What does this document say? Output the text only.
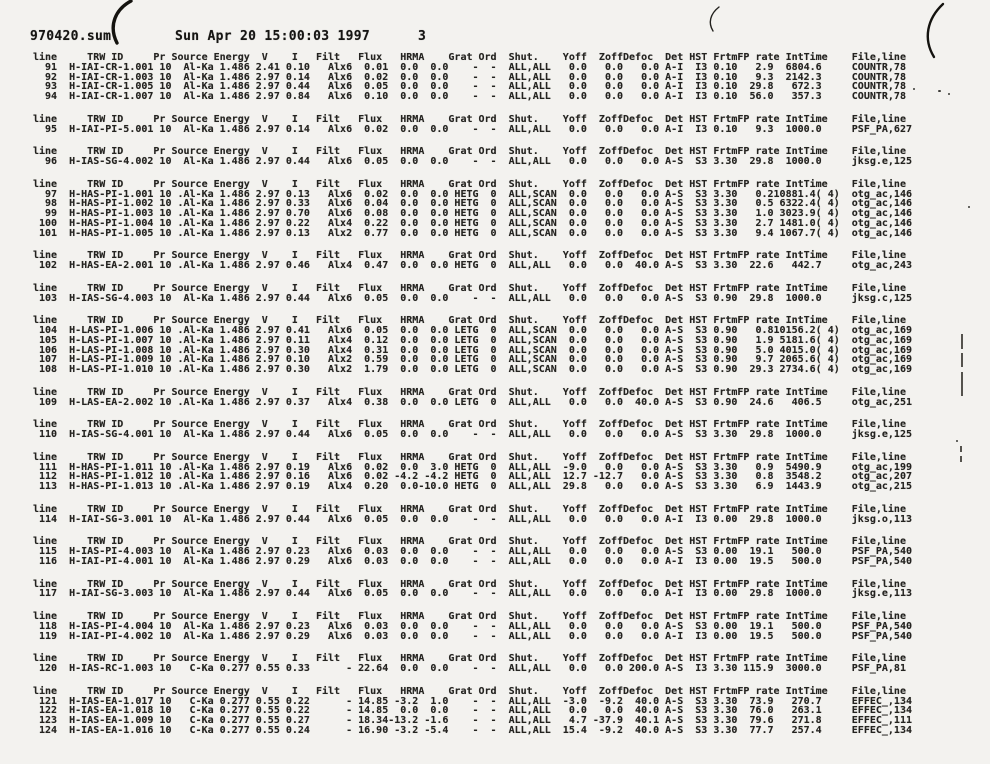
970420.sum	Sun Apr 20 15:00:03 1997	3
line     TRW ID     Pr Source Energy  V    I   Filt   Flux   HRMA    Grat Ord  Shut.    Yoff  ZoffDefoc  Det HST FrtmFP rate IntTime    File,line
91  H-IAI-CR-1.001 10  Al-Ka 1.486 2.41 0.10   Alx6  0.01  0.0  0.0    -  -  ALL,ALL   0.0   0.0   0.0 A-I  I3 0.10   2.9  6804.6     COUNTR,78
92  H-IAI-CR-1.003 10  Al-Ka 1.486 2.97 0.14   Alx6  0.02  0.0  0.0    -  -  ALL,ALL   0.0   0.0   0.0 A-I  I3 0.10   9.3  2142.3     COUNTR,78
93  H-IAI-CR-1.005 10  Al-Ka 1.486 2.97 0.44   Alx6  0.05  0.0  0.0    -  -  ALL,ALL   0.0   0.0   0.0 A-I  I3 0.10  29.8   672.3     COUNTR,78
94  H-IAI-CR-1.007 10  Al-Ka 1.486 2.97 0.84   Alx6  0.10  0.0  0.0    -  -  ALL,ALL   0.0   0.0   0.0 A-I  I3 0.10  56.0   357.3     COUNTR,78
line     TRW ID     Pr Source Energy  V    I   Filt   Flux   HRMA    Grat Ord  Shut.    Yoff  ZoffDefoc  Det HST FrtmFP rate IntTime    File,line
95  H-IAI-PI-5.001 10  Al-Ka 1.486 2.97 0.14   Alx6  0.02  0.0  0.0    -  -  ALL,ALL   0.0   0.0   0.0 A-I  I3 0.10   9.3  1000.0     PSF_PA,627
line     TRW ID     Pr Source Energy  V    I   Filt   Flux   HRMA    Grat Ord  Shut.    Yoff  ZoffDefoc  Det HST FrtmFP rate IntTime    File,line
96  H-IAS-SG-4.002 10  Al-Ka 1.486 2.97 0.44   Alx6  0.05  0.0  0.0    -  -  ALL,ALL   0.0   0.0   0.0 A-S  S3 3.30  29.8  1000.0     jksg.e,125
line     TRW ID     Pr Source Energy  V    I   Filt   Flux   HRMA    Grat Ord  Shut.    Yoff  ZoffDefoc  Det HST FrtmFP rate IntTime    File,line
97  H-HAS-PI-1.001 10 .Al-Ka 1.486 2.97 0.13   Alx6  0.02  0.0  0.0 HETG  0  ALL,SCAN  0.0   0.0   0.0 A-S  S3 3.30   0.210881.4( 4)  otg_ac,146
98  H-HAS-PI-1.002 10 .Al-Ka 1.486 2.97 0.33   Alx6  0.04  0.0  0.0 HETG  0  ALL,SCAN  0.0   0.0   0.0 A-S  S3 3.30   0.5 6322.4( 4)  otg_ac,146
99  H-HAS-PI-1.003 10 .Al-Ka 1.486 2.97 0.70   Alx6  0.08  0.0  0.0 HETG  0  ALL,SCAN  0.0   0.0   0.0 A-S  S3 3.30   1.0 3023.9( 4)  otg_ac,146
100  H-HAS-PI-1.004 10 .Al-Ka 1.486 2.97 0.22   Alx4  0.22  0.0  0.0 HETG  0  ALL,SCAN  0.0   0.0   0.0 A-S  S3 3.30   2.7 1481.0( 4)  otg_ac,146
101  H-HAS-PI-1.005 10 .Al-Ka 1.486 2.97 0.13   Alx2  0.77  0.0  0.0 HETG  0  ALL,SCAN  0.0   0.0   0.0 A-S  S3 3.30   9.4 1067.7( 4)  otg_ac,146
line     TRW ID     Pr Source Energy  V    I   Filt   Flux   HRMA    Grat Ord  Shut.    Yoff  ZoffDefoc  Det HST FrtmFP rate IntTime    File,line
102  H-HAS-EA-2.001 10 .Al-Ka 1.486 2.97 0.46   Alx4  0.47  0.0  0.0 HETG  0  ALL,ALL   0.0   0.0  40.0 A-S  S3 3.30  22.6   442.7     otg_ac,243
line     TRW ID     Pr Source Energy  V    I   Filt   Flux   HRMA    Grat Ord  Shut.    Yoff  ZoffDefoc  Det HST FrtmFP rate IntTime    File,line
103  H-IAS-SG-4.003 10  Al-Ka 1.486 2.97 0.44   Alx6  0.05  0.0  0.0    -  -  ALL,ALL   0.0   0.0   0.0 A-S  S3 0.90  29.8  1000.0     jksg.c,125
line     TRW ID     Pr Source Energy  V    I   Filt   Flux   HRMA    Grat Ord  Shut.    Yoff  ZoffDefoc  Det HST FrtmFP rate IntTime    File,line
104  H-LAS-PI-1.006 10 .Al-Ka 1.486 2.97 0.41   Alx6  0.05  0.0  0.0 LETG  0  ALL,SCAN  0.0   0.0   0.0 A-S  S3 0.90   0.810156.2( 4)  otg_ac,169
105  H-LAS-PI-1.007 10 .Al-Ka 1.486 2.97 0.11   Alx4  0.12  0.0  0.0 LETG  0  ALL,SCAN  0.0   0.0   0.0 A-S  S3 0.90   1.9 5181.6( 4)  otg_ac,169
106  H-LAS-PI-1.008 10 .Al-Ka 1.486 2.97 0.30   Alx4  0.31  0.0  0.0 LETG  0  ALL,SCAN  0.0   0.0   0.0 A-S  S3 0.90   5.0 4015.0( 4)  otg_ac,169
107  H-LAS-PI-1.009 10 .Al-Ka 1.486 2.97 0.10   Alx2  0.59  0.0  0.0 LETG  0  ALL,SCAN  0.0   0.0   0.0 A-S  S3 0.90   9.7 2065.6( 4)  otg_ac,169
108  H-LAS-PI-1.010 10 .Al-Ka 1.486 2.97 0.30   Alx2  1.79  0.0  0.0 LETG  0  ALL,SCAN  0.0   0.0   0.0 A-S  S3 0.90  29.3 2734.6( 4)  otg_ac,169
line     TRW ID     Pr Source Energy  V    I   Filt   Flux   HRMA    Grat Ord  Shut.    Yoff  ZoffDefoc  Det HST FrtmFP rate IntTime    File,line
109  H-LAS-EA-2.002 10 .Al-Ka 1.486 2.97 0.37   Alx4  0.38  0.0  0.0 LETG  0  ALL,ALL   0.0   0.0  40.0 A-S  S3 0.90  24.6   406.5     otg_ac,251
line     TRW ID     Pr Source Energy  V    I   Filt   Flux   HRMA    Grat Ord  Shut.    Yoff  ZoffDefoc  Det HST FrtmFP rate IntTime    File,line
110  H-IAS-SG-4.001 10  Al-Ka 1.486 2.97 0.44   Alx6  0.05  0.0  0.0    -  -  ALL,ALL   0.0   0.0   0.0 A-S  S3 3.30  29.8  1000.0     jksg.e,125
line     TRW ID     Pr Source Energy  V    I   Filt   Flux   HRMA    Grat Ord  Shut.    Yoff  ZoffDefoc  Det HST FrtmFP rate IntTime    File,line
111  H-HAS-PI-1.011 10 .Al-Ka 1.486 2.97 0.19   Alx6  0.02  0.0  3.0 HETG  0  ALL,ALL  -9.0   0.0   0.0 A-S  S3 3.30   0.9  5490.9     otg_ac,199
112  H-HAS-PI-1.012 10 .Al-Ka 1.486 2.97 0.16   Alx6  0.02 -4.2 -4.2 HETG  0  ALL,ALL  12.7 -12.7   0.0 A-S  S3 3.30   0.8  3548.2     otg_ac,207
113  H-HAS-PI-1.013 10 .Al-Ka 1.486 2.97 0.19   Alx4  0.20  0.0-10.0 HETG  0  ALL,ALL  29.8   0.0   0.0 A-S  S3 3.30   6.9  1443.9     otg_ac,215
line     TRW ID     Pr Source Energy  V    I   Filt   Flux   HRMA    Grat Ord  Shut.    Yoff  ZoffDefoc  Det HST FrtmFP rate IntTime    File,line
114  H-IAI-SG-3.001 10  Al-Ka 1.486 2.97 0.44   Alx6  0.05  0.0  0.0    -  -  ALL,ALL   0.0   0.0   0.0 A-I  I3 0.00  29.8  1000.0     jksg.o,113
line     TRW ID     Pr Source Energy  V    I   Filt   Flux   HRMA    Grat Ord  Shut.    Yoff  ZoffDefoc  Det HST FrtmFP rate IntTime    File,line
115  H-IAS-PI-4.003 10  Al-Ka 1.486 2.97 0.23   Alx6  0.03  0.0  0.0    -  -  ALL,ALL   0.0   0.0   0.0 A-S  S3 0.00  19.1   500.0     PSF_PA,540
116  H-IAI-PI-4.001 10  Al-Ka 1.486 2.97 0.29   Alx6  0.03  0.0  0.0    -  -  ALL,ALL   0.0   0.0   0.0 A-I  I3 0.00  19.5   500.0     PSF_PA,540
line     TRW ID     Pr Source Energy  V    I   Filt   Flux   HRMA    Grat Ord  Shut.    Yoff  ZoffDefoc  Det HST FrtmFP rate IntTime    File,line
117  H-IAI-SG-3.003 10  Al-Ka 1.486 2.97 0.44   Alx6  0.05  0.0  0.0    -  -  ALL,ALL   0.0   0.0   0.0 A-I  I3 0.00  29.8  1000.0     jksg.e,113
line     TRW ID     Pr Source Energy  V    I   Filt   Flux   HRMA    Grat Ord  Shut.    Yoff  ZoffDefoc  Det HST FrtmFP rate IntTime    File,line
118  H-IAS-PI-4.004 10  Al-Ka 1.486 2.97 0.23   Alx6  0.03  0.0  0.0    -  -  ALL,ALL   0.0   0.0   0.0 A-S  S3 0.00  19.1   500.0     PSF_PA,540
119  H-IAI-PI-4.002 10  Al-Ka 1.486 2.97 0.29   Alx6  0.03  0.0  0.0    -  -  ALL,ALL   0.0   0.0   0.0 A-I  I3 0.00  19.5   500.0     PSF_PA,540
line     TRW ID     Pr Source Energy  V    I   Filt   Flux   HRMA    Grat Ord  Shut.    Yoff  ZoffDefoc  Det HST FrtmFP rate IntTime    File,line
120  H-IAS-RC-1.003 10   C-Ka 0.277 0.55 0.33      - 22.64  0.0  0.0    -  -  ALL,ALL   0.0   0.0 200.0 A-S  I3 3.30 115.9  3000.0     PSF_PA,81
line     TRW ID     Pr Source Energy  V    I   Filt   Flux   HRMA    Grat Ord  Shut.    Yoff  ZoffDefoc  Det HST FrtmFP rate IntTime    File,line
121  H-IAS-EA-1.017 10   C-Ka 0.277 0.55 0.22      - 14.85 -3.2  1.0    -  -  ALL,ALL  -3.0  -9.2  40.0 A-S  S3 3.30  73.9   270.7     EFFEC_,134
122  H-IAS-EA-1.018 10   C-Ka 0.277 0.55 0.22      - 14.85  0.0  0.0    -  -  ALL,ALL   0.0   0.0  40.0 A-S  S3 3.30  76.0   263.1     EFFEC_,134
123  H-IAS-EA-1.009 10   C-Ka 0.277 0.55 0.27      - 18.34-13.2 -1.6    -  -  ALL,ALL   4.7 -37.9  40.1 A-S  S3 3.30  79.6   271.8     EFFEC_,111
124  H-IAS-EA-1.016 10   C-Ka 0.277 0.55 0.24      - 16.90 -3.2 -5.4    -  -  ALL,ALL  15.4  -9.2  40.0 A-S  S3 3.30  77.7   257.4     EFFEC_,134
